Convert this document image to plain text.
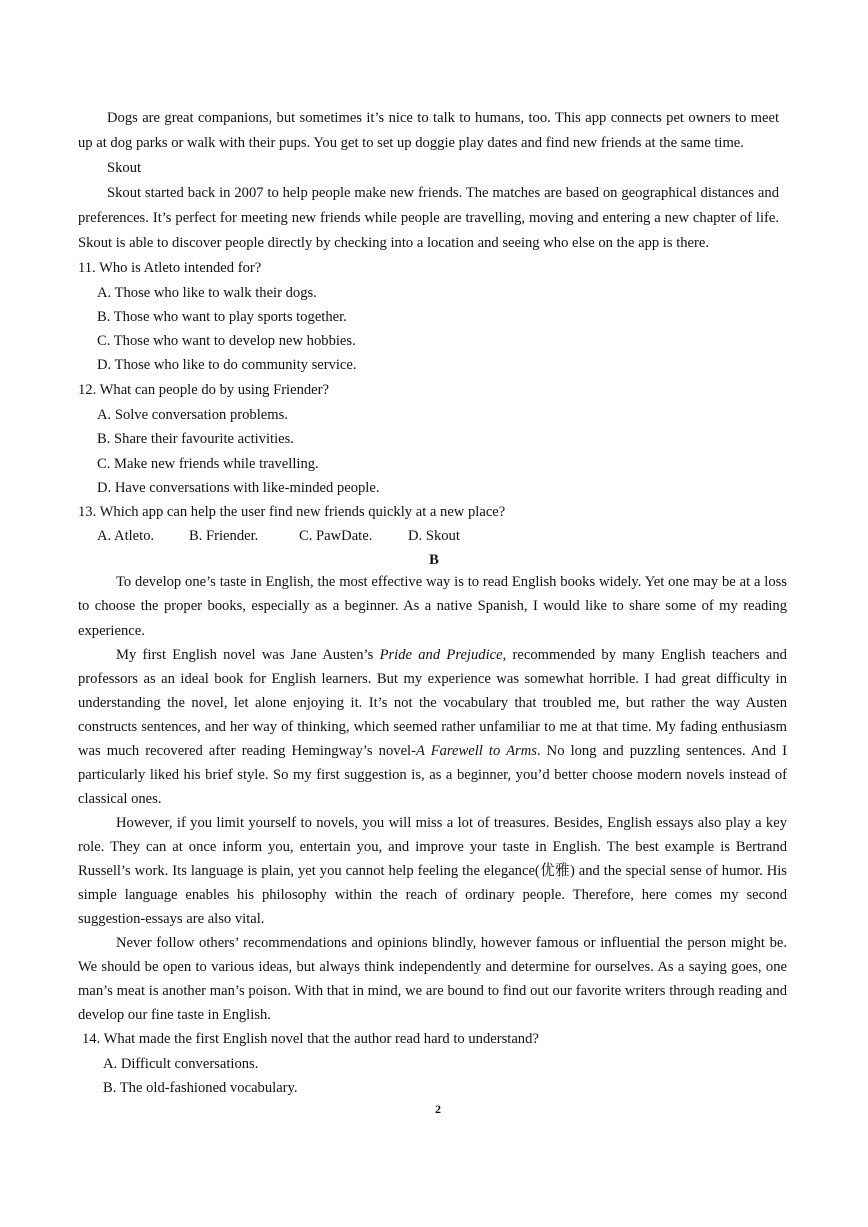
Dogs are great companions, but sometimes it’s nice to talk to humans, too. This app connects pet owners to meet
up at dog parks or walk with their pups. You get to set up doggie play dates and find new friends at the same time.
Skout
Skout started back in 2007 to help people make new friends. The matches are based on geographical distances and
preferences. It’s perfect for meeting new friends while people are travelling, moving and entering a new chapter of life.
Skout is able to discover people directly by checking into a location and seeing who else on the app is there.
11. Who is Atleto intended for?
A. Those who like to walk their dogs.
B. Those who want to play sports together.
C. Those who want to develop new hobbies.
D. Those who like to do community service.
12. What can people do by using Friender?
A. Solve conversation problems.
B. Share their favourite activities.
C. Make new friends while travelling.
D. Have conversations with like-minded people.
13. Which app can help the user find new friends quickly at a new place?
A. Atleto. B. Friender.	C. PawDate. D. Skout
B
To develop one’s taste in English, the most effective way is to read English books widely. Yet one may be at a loss
to choose the proper books, especially as a beginner. As a native Spanish, I would like to share some of my reading
experience.
My first English novel was Jane Austen’s Pride and Prejudice, recommended by many English teachers and
professors as an ideal book for English learners. But my experience was somewhat horrible. I had great difficulty in
understanding the novel, let alone enjoying it. It’s not the vocabulary that troubled me, but rather the way Austen
constructs sentences, and her way of thinking, which seemed rather unfamiliar to me at that time. My fading enthusiasm
was much recovered after reading Hemingway’s novel-A Farewell to Arms. No long and puzzling sentences. And I
particularly liked his brief style. So my first suggestion is, as a beginner, you’d better choose modern novels instead of
classical ones.
However, if you limit yourself to novels, you will miss a lot of treasures. Besides, English essays also play a key
role. They can at once inform you, entertain you, and improve your taste in English. The best example is Bertrand
Russell’s work. Its language is plain, yet you cannot help feeling the elegance(优雅) and the special sense of humor. His
simple language enables his philosophy within the reach of ordinary people. Therefore, here comes my second
suggestion-essays are also vital.
Never follow others’ recommendations and opinions blindly, however famous or influential the person might be.
We should be open to various ideas, but always think independently and determine for ourselves. As a saying goes, one
man’s meat is another man’s poison. With that in mind, we are bound to find out our favorite writers through reading and
develop our fine taste in English.
14. What made the first English novel that the author read hard to understand?
A. Difficult conversations.
B. The old-fashioned vocabulary.
2
